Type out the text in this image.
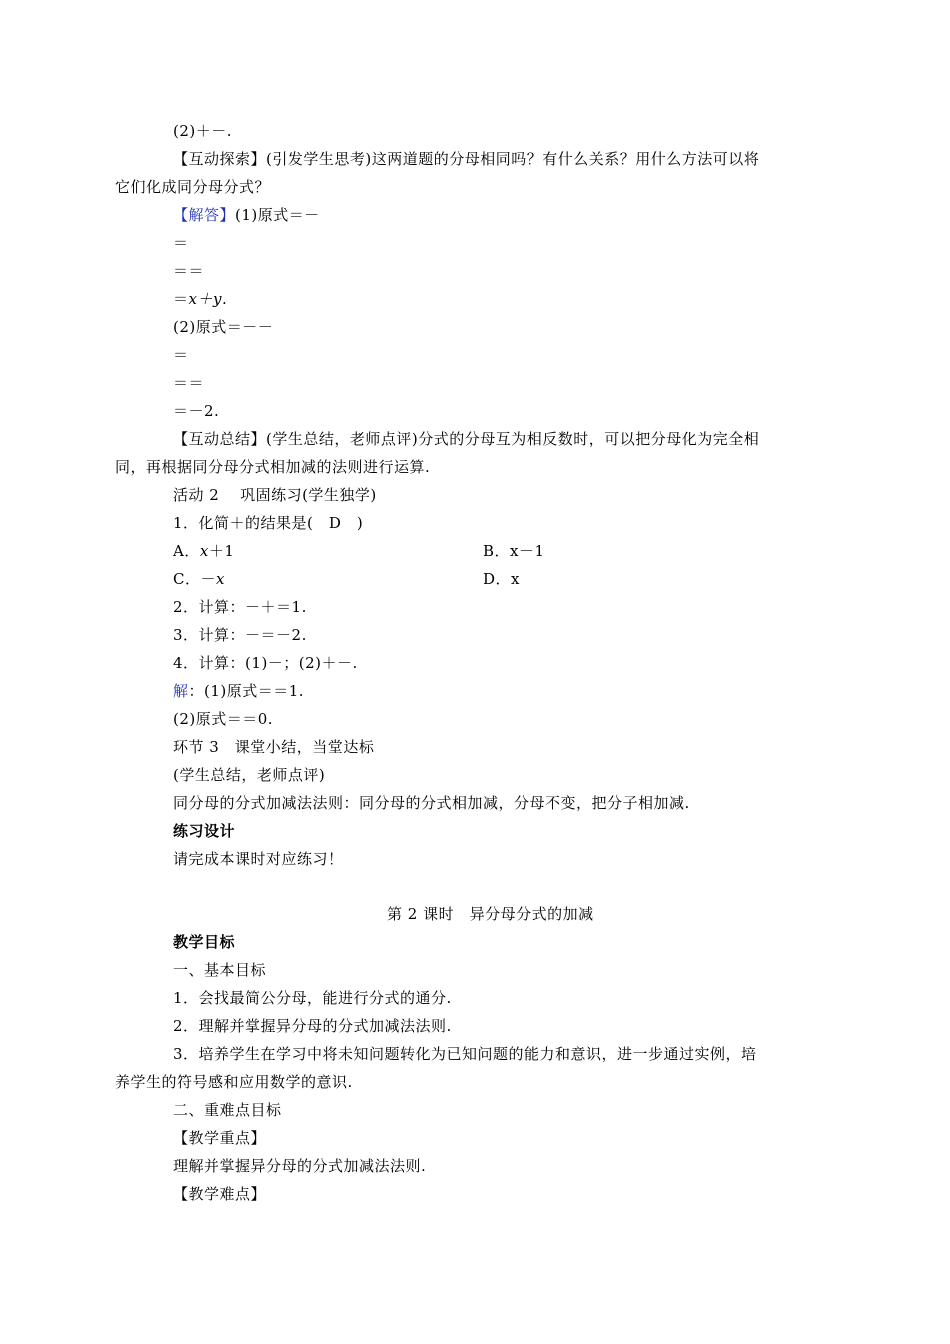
(2)＋－.
【互动探索】(引发学生思考)这两道题的分母相同吗？有什么关系？用什么方法可以将
它们化成同分母分式？
【解答】(1)原式＝－
＝
＝＝
＝x＋y.
(2)原式＝－－
＝
＝＝
＝－2.
【互动总结】(学生总结，老师点评)分式的分母互为相反数时，可以把分母化为完全相
同，再根据同分母分式相加减的法则进行运算.
活动 2　 巩固练习(学生独学)
1．化简＋的结果是(　D　)
A．x＋1	B．x－1
C．－x	D．x
2．计算：－＋＝1.
3．计算：－＝－2.
4．计算：(1)－；(2)＋－.
解：(1)原式＝＝1.
(2)原式＝＝0.
环节 3　课堂小结，当堂达标
(学生总结，老师点评)
同分母的分式加减法法则：同分母的分式相加减，分母不变，把分子相加减.
练习设计
请完成本课时对应练习！
第 2 课时　异分母分式的加减
教学目标
一、基本目标
1．会找最简公分母，能进行分式的通分.
2．理解并掌握异分母的分式加减法法则.
3．培养学生在学习中将未知问题转化为已知问题的能力和意识，进一步通过实例，培
养学生的符号感和应用数学的意识.
二、重难点目标
【教学重点】
理解并掌握异分母的分式加减法法则.
【教学难点】
